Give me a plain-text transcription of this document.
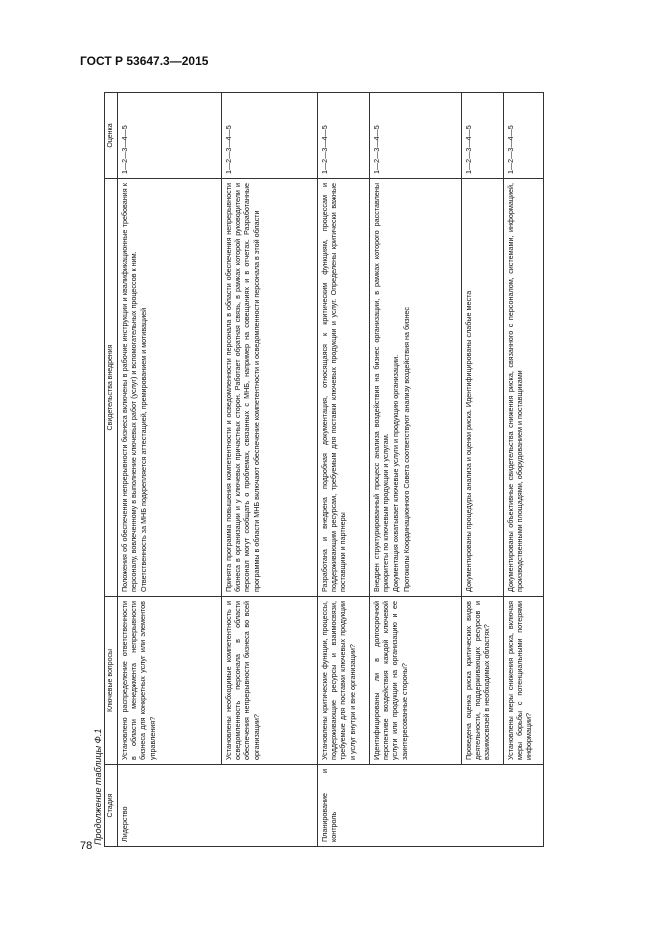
ГОСТ Р 53647.3—2015
Продолжение таблицы Ф.1 Стадия	Ключевые вопросы	Свидетельства внедрения	Оценка
Лидерство	Установлено распределение ответственности в области менеджмента непрерывности бизнеса для конкретных услуг или элементов управления?	Положения об обеспечении непрерывности бизнеса включены в рабочие инструкции и квалификационные требования к персоналу, вовлеченному в выполнение ключевых работ (услуг) и вспомогательных процессов к ним. Ответственность за МНБ подкрепляется аттестацией, премированием и мотивацией	1—2—3—4—5
	Установлены необходимые компетентность и осведомленность персонала в области обеспечения непрерывности бизнеса во всей организации?	Принята программа повышения компетентности и осведомленности персонала в области обеспечения непрерывности бизнеса в организации и у ключевых причастных сторон. Работает обратная связь, в рамках которой руководители и персонал могут сообщать о проблемах, связанных с МНБ, например на совещаниях и в отчетах. Разработанные программы в области МНБ включают обеспечение компетентности и осведомленности персонала в этой области	1—2—3—4—5
Планирование и контроль	Установлены критические функции, процессы, поддерживающие ресурсы и взаимосвязи, требуемые для поставки ключевых продукции и услуг внутри и вне организации?	Разработана и внедрена подробная документация, относящаяся к критическим функциям, процессам и поддерживающим ресурсам, требуемым для поставки ключевых продукции и услуг. Определены критически важные поставщики и партнеры	1—2—3—4—5
	Идентифицированы ли в долгосрочной перспективе воздействия каждой ключевой услуги или продукции на организацию и ее заинтересованные стороны?	Внедрен структурированный процесс анализа воздействия на бизнес организации, в рамках которого расставлены приоритеты по ключевым продукции и услугам. Документация охватывает ключевые услуги и продукцию организации. Протоколы Координационного Совета соответствуют анализу воздействия на бизнес	1—2—3—4—5
	Проведена оценка риска критических видов деятельности, поддерживающих ресурсов и взаимосвязей в необходимых областях?	Документированы процедуры анализа и оценки риска. Идентифицированы слабые места	1—2—3—4—5
	Установлены меры снижения риска, включая меры борьбы с потенциальными потерями информации?	Документированы объективные свидетельства снижения риска, связанного с персоналом, системами, информацией, производственными площадями, оборудованием и поставщиками	1—2—3—4—5
78
